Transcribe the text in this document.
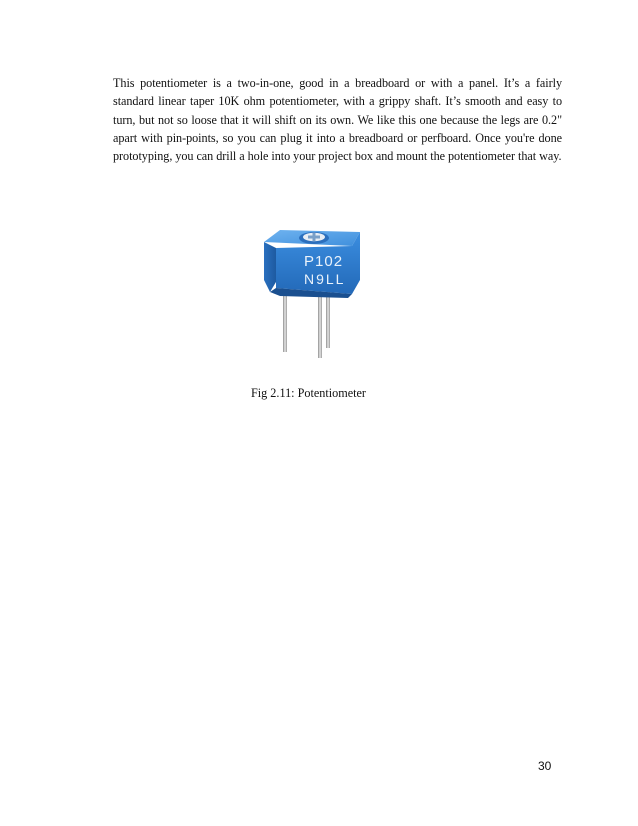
This potentiometer is a two-in-one, good in a breadboard or with a panel. It’s a fairly standard linear taper 10K ohm potentiometer, with a grippy shaft. It’s smooth and easy to turn, but not so loose that it will shift on its own. We like this one because the legs are 0.2" apart with pin-points, so you can plug it into a breadboard or perfboard. Once you're done prototyping, you can drill a hole into your project box and mount the potentiometer that way.

P102
N9LL

Fig 2.11: Potentiometer

30
